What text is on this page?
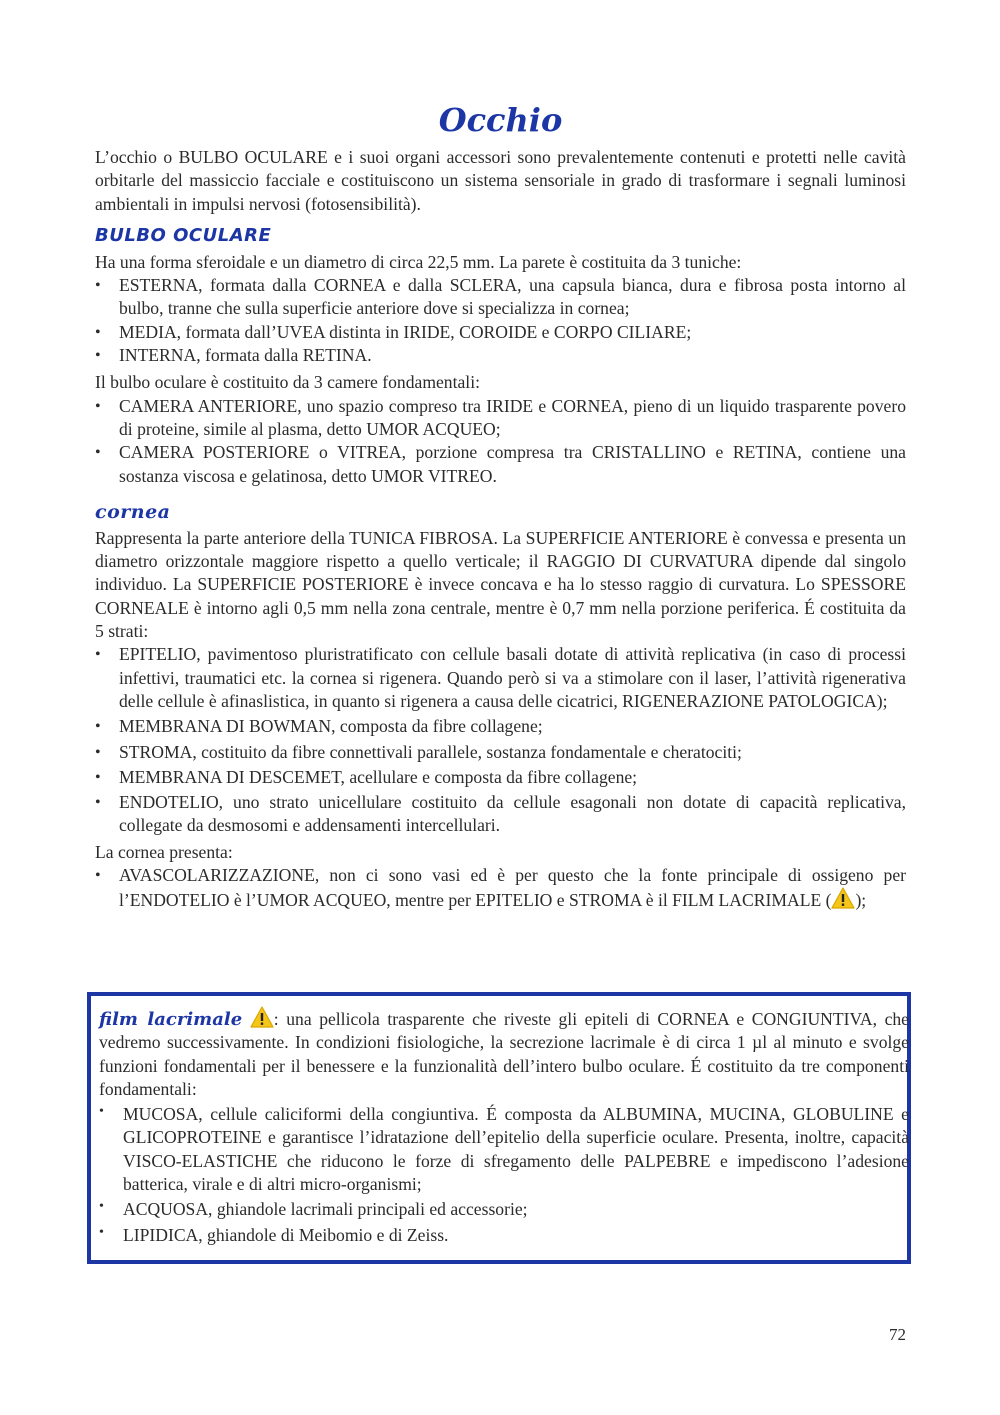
Occhio

L’occhio o BULBO OCULARE e i suoi organi accessori sono prevalentemente contenuti e protetti nelle cavità orbitarle del massiccio facciale e costituiscono un sistema sensoriale in grado di trasformare i segnali luminosi ambientali in impulsi nervosi (fotosensibilità).

BULBO OCULARE

Ha una forma sferoidale e un diametro di circa 22,5 mm. La parete è costituita da 3 tuniche:

• ESTERNA, formata dalla CORNEA e dalla SCLERA, una capsula bianca, dura e fibrosa posta intorno al bulbo, tranne che sulla superficie anteriore dove si specializza in cornea;
• MEDIA, formata dall’UVEA distinta in IRIDE, COROIDE e CORPO CILIARE;
• INTERNA, formata dalla RETINA.

Il bulbo oculare è costituito da 3 camere fondamentali:

• CAMERA ANTERIORE, uno spazio compreso tra IRIDE e CORNEA, pieno di un liquido trasparente povero di proteine, simile al plasma, detto UMOR ACQUEO;
• CAMERA POSTERIORE o VITREA, porzione compresa tra CRISTALLINO e RETINA, contiene una sostanza viscosa e gelatinosa, detto UMOR VITREO.
cornea

Rappresenta la parte anteriore della TUNICA FIBROSA. La SUPERFICIE ANTERIORE è convessa e presenta un diametro orizzontale maggiore rispetto a quello verticale; il RAGGIO DI CURVATURA dipende dal singolo individuo. La SUPERFICIE POSTERIORE è invece concava e ha lo stesso raggio di curvatura. Lo SPESSORE CORNEALE è intorno agli 0,5 mm nella zona centrale, mentre è 0,7 mm nella porzione periferica. É costituita da 5 strati:

• EPITELIO, pavimentoso pluristratificato con cellule basali dotate di attività replicativa (in caso di processi infettivi, traumatici etc. la cornea si rigenera. Quando però si va a stimolare con il laser, l’attività rigenerativa delle cellule è afinaslistica, in quanto si rigenera a causa delle cicatrici, RIGENERAZIONE PATOLOGICA);
• MEMBRANA DI BOWMAN, composta da fibre collagene;
• STROMA, costituito da fibre connettivali parallele, sostanza fondamentale e cheratociti;
• MEMBRANA DI DESCEMET, acellulare e composta da fibre collagene;
• ENDOTELIO, uno strato unicellulare costituito da cellule esagonali non dotate di capacità replicativa, collegate da desmosomi e addensamenti intercellulari.

La cornea presenta:

• AVASCOLARIZZAZIONE, non ci sono vasi ed è per questo che la fonte principale di ossigeno per l’ENDOTELIO è l’UMOR ACQUEO, mentre per EPITELIO e STROMA è il FILM LACRIMALE ( );

film lacrimale : una pellicola trasparente che riveste gli epiteli di CORNEA e CONGIUNTIVA, che vedremo successivamente. In condizioni fisiologiche, la secrezione lacrimale è di circa 1 µl al minuto e svolge funzioni fondamentali per il benessere e la funzionalità dell’intero bulbo oculare. É costituito da tre componenti fondamentali:

• MUCOSA, cellule caliciformi della congiuntiva. É composta da ALBUMINA, MUCINA, GLOBULINE e GLICOPROTEINE e garantisce l’idratazione dell’epitelio della superficie oculare. Presenta, inoltre, capacità VISCO-ELASTICHE che riducono le forze di sfregamento delle PALPEBRE e impediscono l’adesione batterica, virale e di altri micro-organismi;
• ACQUOSA, ghiandole lacrimali principali ed accessorie;
• LIPIDICA, ghiandole di Meibomio e di Zeiss.
72
